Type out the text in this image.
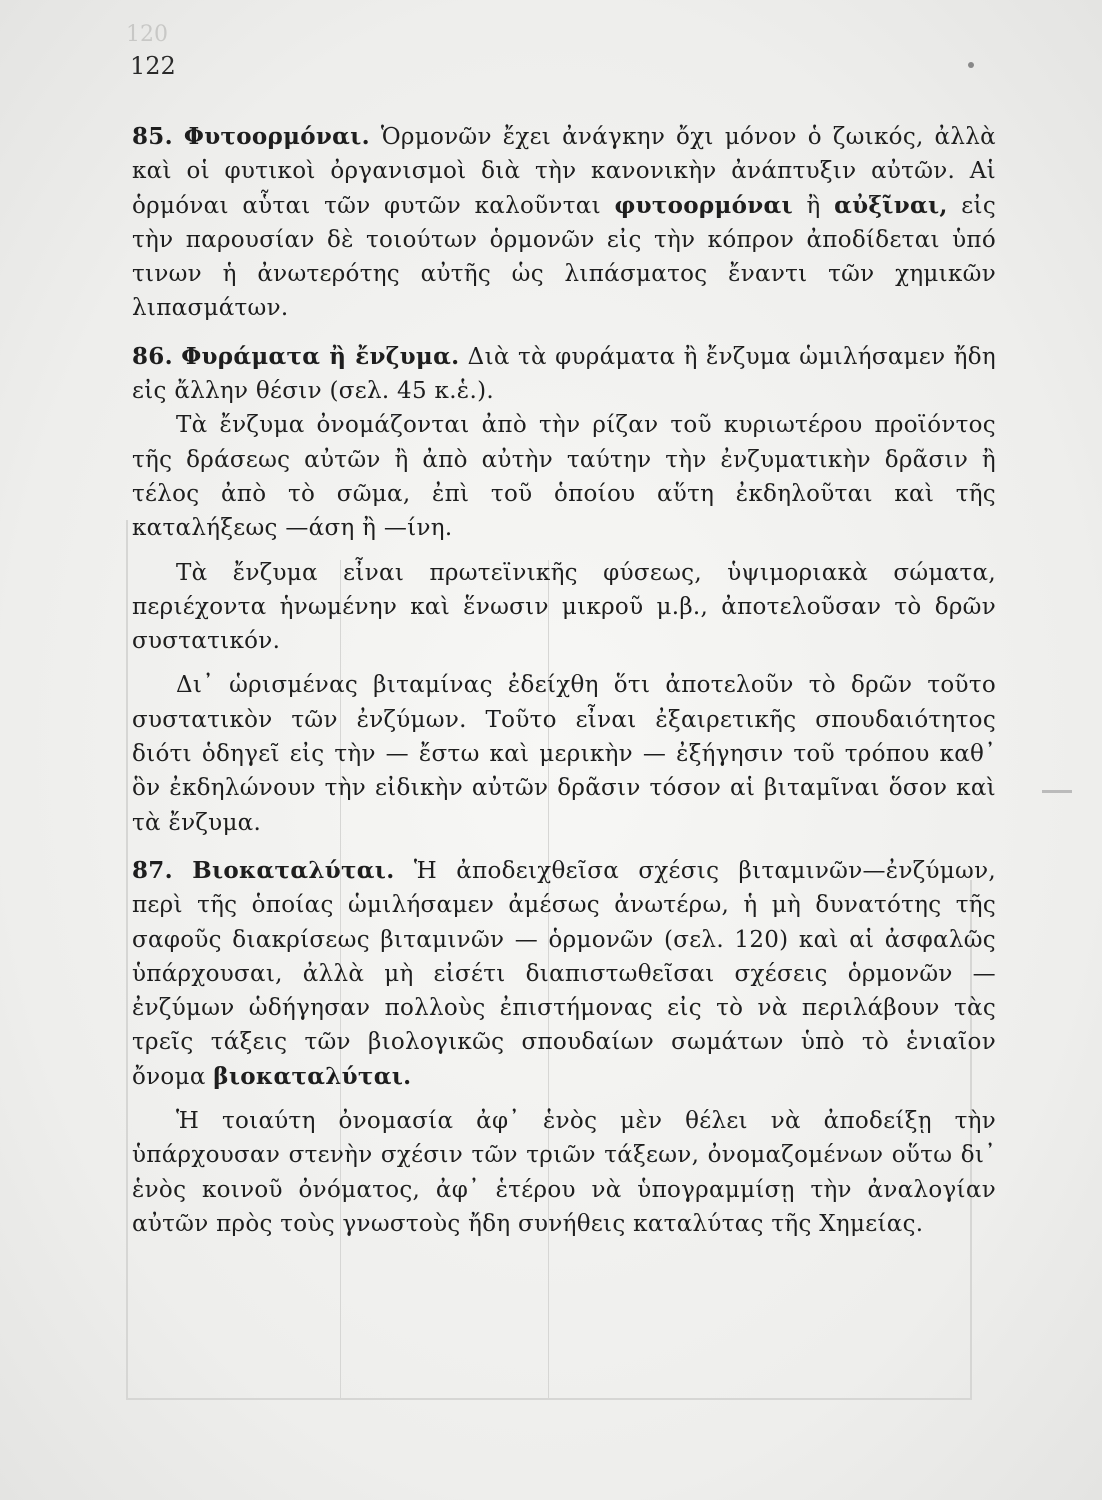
120
122

85. Φυτοορμόναι. Ὁρμονῶν ἔχει ἀνάγκην ὄχι μόνον ὁ ζωικός, ἀλλὰ καὶ οἱ φυτικοὶ ὀργανισμοὶ διὰ τὴν κανονικὴν ἀνάπτυξιν αὐτῶν. Αἱ ὁρμόναι αὗται τῶν φυτῶν καλοῦνται φυτοορμόναι ἢ αὐξῖναι, εἰς τὴν παρουσίαν δὲ τοιούτων ὁρμονῶν εἰς τὴν κόπρον ἀποδίδεται ὑπό τινων ἡ ἀνωτερότης αὐτῆς ὡς λιπάσματος ἔναντι τῶν χημικῶν λιπασμάτων.

86. Φυράματα ἢ ἔνζυμα. Διὰ τὰ φυράματα ἢ ἔνζυμα ὡμιλήσαμεν ἤδη εἰς ἄλλην θέσιν (σελ. 45 κ.ἑ.).

Τὰ ἔνζυμα ὀνομάζονται ἀπὸ τὴν ρίζαν τοῦ κυριωτέρου προϊόντος τῆς δράσεως αὐτῶν ἢ ἀπὸ αὐτὴν ταύτην τὴν ἐνζυματικὴν δρᾶσιν ἢ τέλος ἀπὸ τὸ σῶμα, ἐπὶ τοῦ ὁποίου αὕτη ἐκδηλοῦται καὶ τῆς καταλήξεως —άση ἢ —ίνη.

Τὰ ἔνζυμα εἶναι πρωτεϊνικῆς φύσεως, ὑψιμοριακὰ σώματα, περιέχοντα ἡνωμένην καὶ ἕνωσιν μικροῦ μ.β., ἀποτελοῦσαν τὸ δρῶν συστατικόν.

Δι᾽ ὡρισμένας βιταμίνας ἐδείχθη ὅτι ἀποτελοῦν τὸ δρῶν τοῦτο συστατικὸν τῶν ἐνζύμων. Τοῦτο εἶναι ἐξαιρετικῆς σπουδαιότητος διότι ὁδηγεῖ εἰς τὴν — ἔστω καὶ μερικὴν — ἐξήγησιν τοῦ τρόπου καθ᾽ ὃν ἐκδηλώνουν τὴν εἰδικὴν αὐτῶν δρᾶσιν τόσον αἱ βιταμῖναι ὅσον καὶ τὰ ἔνζυμα.

87. Βιοκαταλύται. Ἡ ἀποδειχθεῖσα σχέσις βιταμινῶν—ἐνζύμων, περὶ τῆς ὁποίας ὡμιλήσαμεν ἀμέσως ἀνωτέρω, ἡ μὴ δυνατότης τῆς σαφοῦς διακρίσεως βιταμινῶν — ὁρμονῶν (σελ. 120) καὶ αἱ ἀσφαλῶς ὑπάρχουσαι, ἀλλὰ μὴ εἰσέτι διαπιστωθεῖσαι σχέσεις ὁρμονῶν — ἐνζύμων ὡδήγησαν πολλοὺς ἐπιστήμονας εἰς τὸ νὰ περιλάβουν τὰς τρεῖς τάξεις τῶν βιολογικῶς σπουδαίων σωμάτων ὑπὸ τὸ ἑνιαῖον ὄνομα βιοκαταλύται.

Ἡ τοιαύτη ὀνομασία ἀφ᾽ ἑνὸς μὲν θέλει νὰ ἀποδείξῃ τὴν ὑπάρχουσαν στενὴν σχέσιν τῶν τριῶν τάξεων, ὀνομαζομένων οὕτω δι᾽ ἑνὸς κοινοῦ ὀνόματος, ἀφ᾽ ἑτέρου νὰ ὑπογραμμίσῃ τὴν ἀναλογίαν αὐτῶν πρὸς τοὺς γνωστοὺς ἤδη συνήθεις καταλύτας τῆς Χημείας.
